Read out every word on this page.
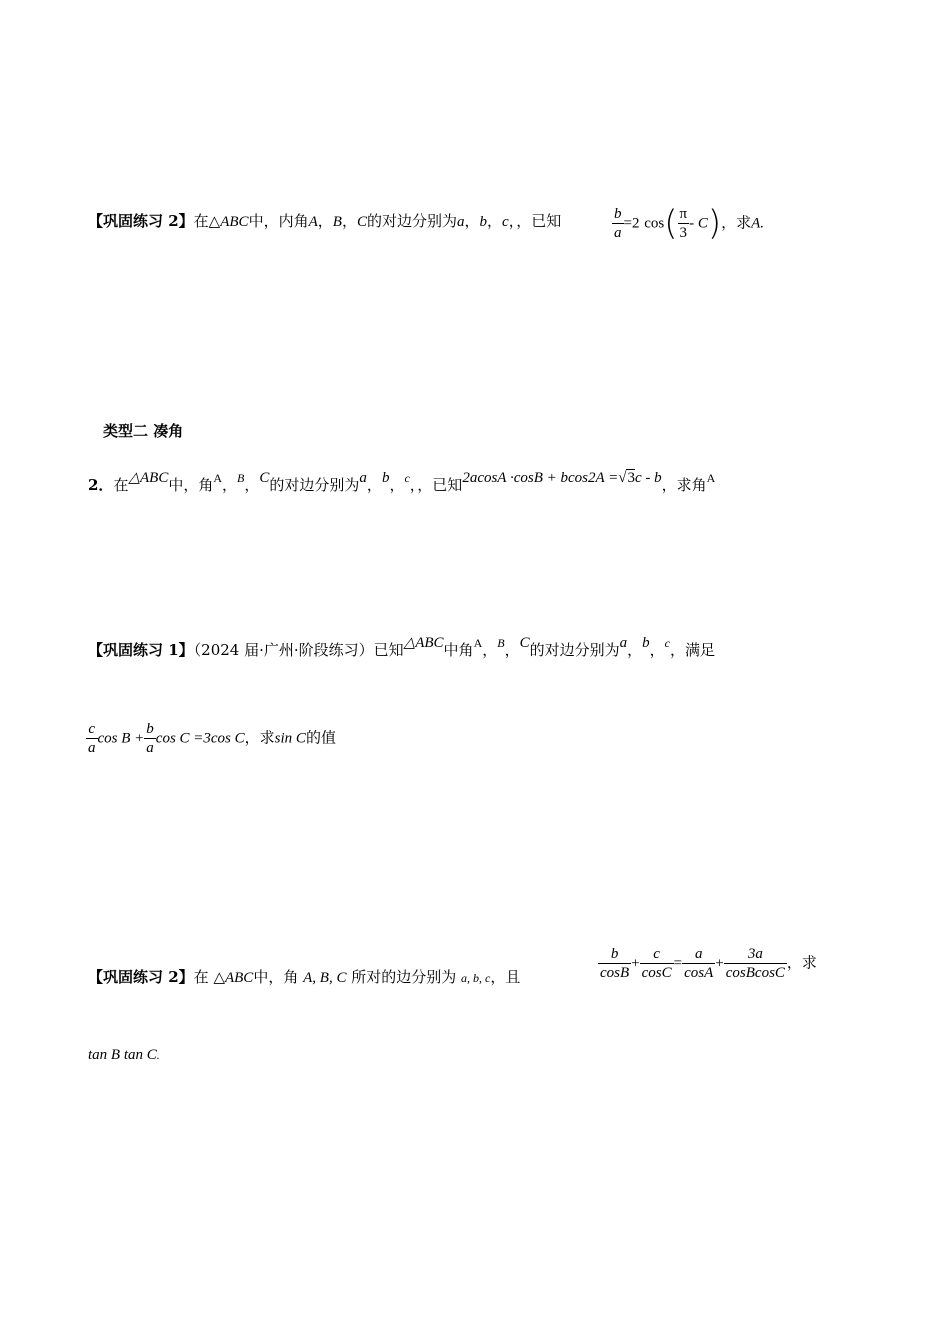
【巩固练习 2】在△ABC中，内角A，B，C的对边分别为a，b，c，，已知	$\frac{b}{a} =2$ $\cos( \frac{\pi}{3} - C)$，求A.
类型二 凑角
2．在△ABC中，角$^A$，$^B$，C的对边分别为a，b，$^c$，，已知2acosA ·cosB + bcos2A =√3c - b，求角$^A$
【巩固练习 1】（2024 届·广州·阶段练习）已知△ABC中角$^A$，$^B$，C的对边分别为a，b，$^c$，满足
$\frac{c}{a}$ $\cos B + \frac{b}{a}$ cos C =3cos C，求sin C的值
【巩固练习 2】在 △ABC中，角 A, B, C 所对的边分别为 a, b, c，且	$\frac{b}{\cos B} + \frac{c}{\cos C} = \frac{a}{\cos A} + \frac{3a}{\text{cosBcosC}}$ ，求
tan B tan C.
